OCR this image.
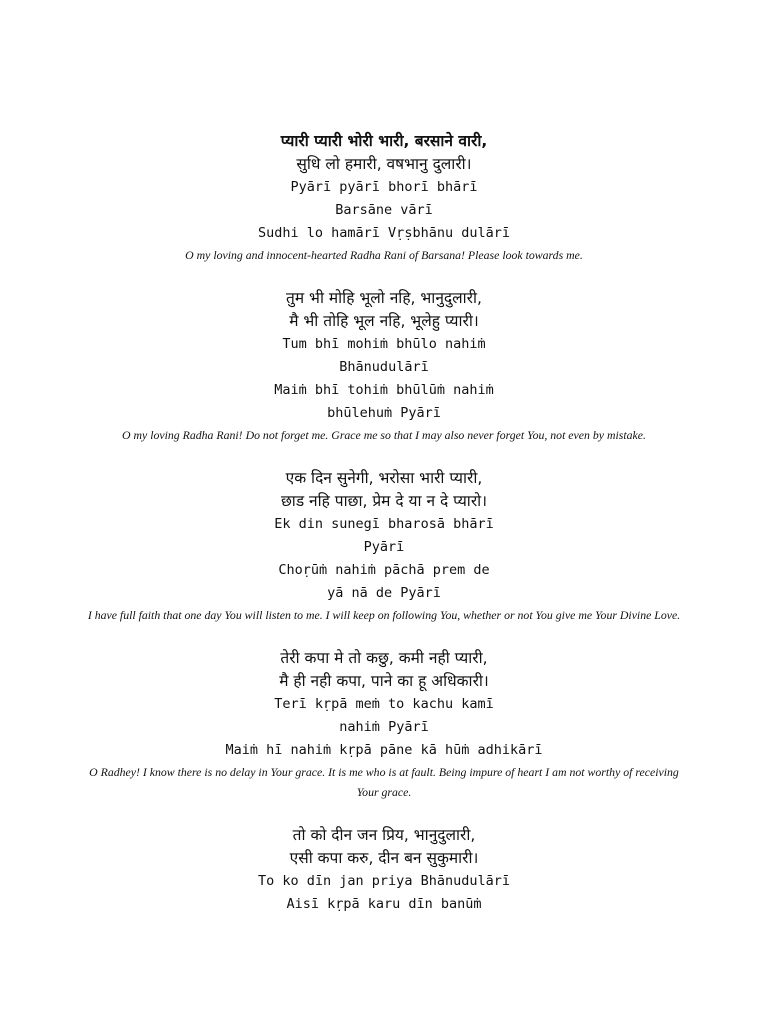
प्यारी प्यारी भोरी भारी, बरसाने वारी,
सुधि लो हमारी, वषभानु दुलारी।
Pyārī pyārī bhorī bhārī
Barsāne vārī
Sudhi lo hamārī Vṛṣbhānu dulārī
O my loving and innocent-hearted Radha Rani of Barsana! Please look towards me.
तुम भी मोहि भूलो नहि, भानुदुलारी,
मै भी तोहि भूल नहि, भूलेहु प्यारी।
Tum bhī mohiṁ bhūlo nahiṁ
Bhānudulārī
Maiṁ bhī tohiṁ bhūlūṁ nahiṁ
bhūlehuṁ Pyārī
O my loving Radha Rani! Do not forget me. Grace me so that I may also never forget You, not even by mistake.
एक दिन सुनेगी, भरोसा भारी प्यारी,
छाड नहि पाछा, प्रेम दे या न दे प्यारो।
Ek din sunegī bharosā bhārī
Pyārī
Choṛūṁ nahiṁ pāchā prem de
yā nā de Pyārī
I have full faith that one day You will listen to me. I will keep on following You, whether or not You give me Your Divine Love.
तेरी कपा मे तो कछु, कमी नही प्यारी,
मै ही नही कपा, पाने का हू अधिकारी।
Terī kṛpā meṁ to kachu kamī
nahiṁ Pyārī
Maiṁ hī nahiṁ kṛpā pāne kā hūṁ adhikārī
O Radhey! I know there is no delay in Your grace. It is me who is at fault. Being impure of heart I am not worthy of receiving Your grace.
तो को दीन जन प्रिय, भानुदुलारी,
एसी कपा करु, दीन बन सुकुमारी।
To ko dīn jan priya Bhānudulārī
Aisī kṛpā karu dīn banūṁ
